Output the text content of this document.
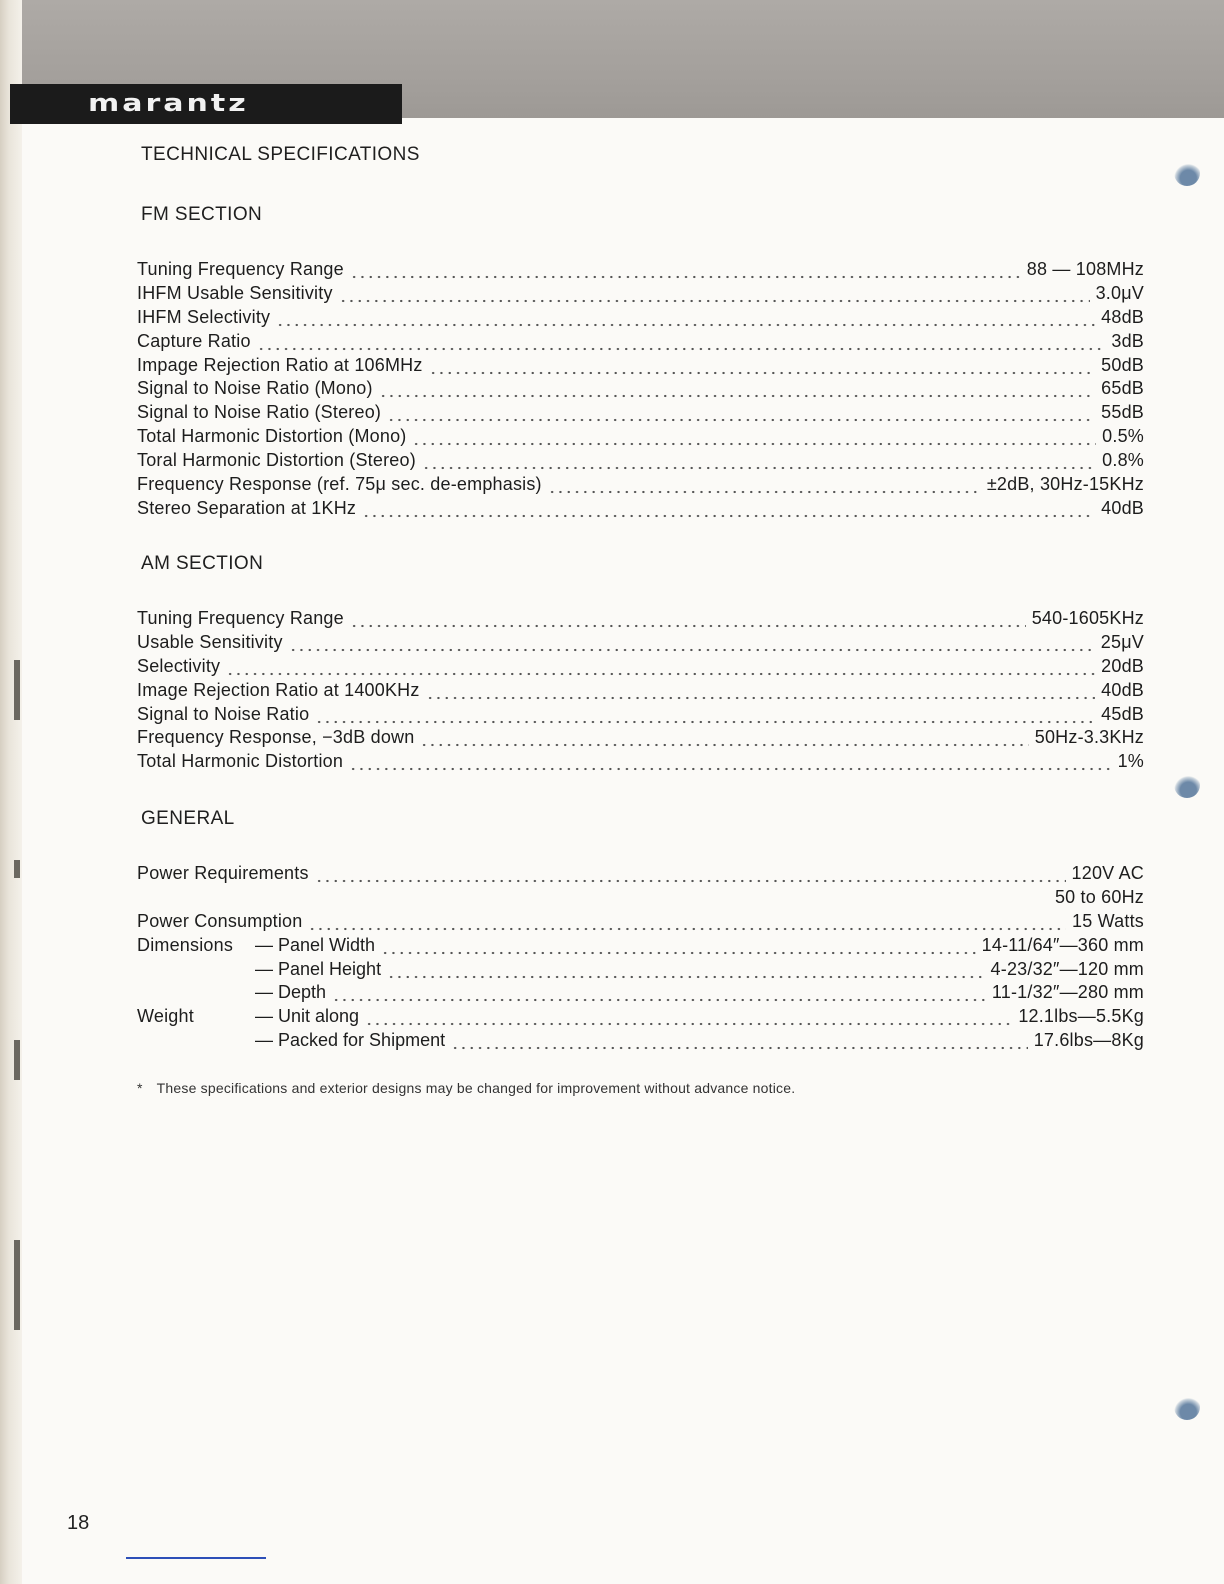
marantz
TECHNICAL SPECIFICATIONS
FM SECTION
Tuning Frequency Range	88 — 108MHz
IHFM Usable Sensitivity	3.0μV
IHFM Selectivity	48dB
Capture Ratio	3dB
Impage Rejection Ratio at 106MHz	50dB
Signal to Noise Ratio (Mono)	65dB
Signal to Noise Ratio (Stereo)	55dB
Total Harmonic Distortion (Mono)	0.5%
Toral Harmonic Distortion (Stereo)	0.8%
Frequency Response (ref. 75μ sec. de-emphasis)	±2dB, 30Hz-15KHz
Stereo Separation at 1KHz	40dB
AM SECTION
Tuning Frequency Range	540-1605KHz
Usable Sensitivity	25μV
Selectivity	20dB
Image Rejection Ratio at 1400KHz	40dB
Signal to Noise Ratio	45dB
Frequency Response, −3dB down	50Hz-3.3KHz
Total Harmonic Distortion	1%
GENERAL
Power Requirements	120V AC
50 to 60Hz
Power Consumption	15 Watts
Dimensions	— Panel Width	14-11/64″—360 mm
— Panel Height	4-23/32″—120 mm
— Depth	11-1/32″—280 mm
Weight	— Unit along	12.1lbs—5.5Kg
— Packed for Shipment	17.6lbs—8Kg

* These specifications and exterior designs may be changed for improvement without advance notice.

18
